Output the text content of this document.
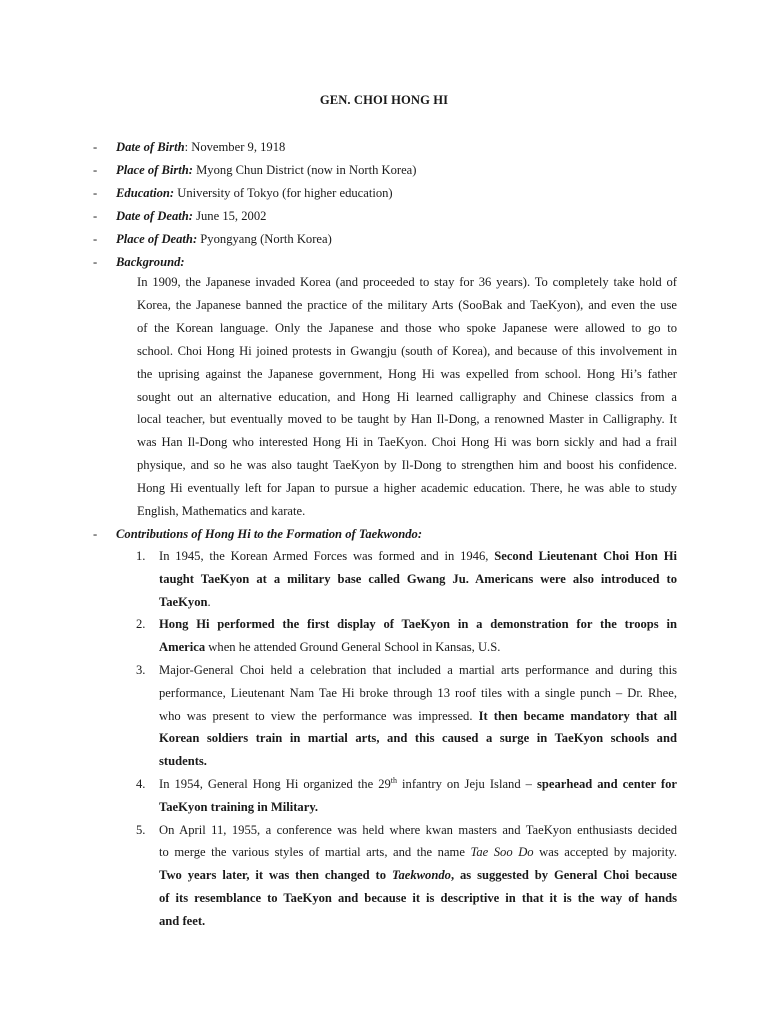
GEN. CHOI HONG HI
- Date of Birth: November 9, 1918
- Place of Birth: Myong Chun District (now in North Korea)
- Education: University of Tokyo (for higher education)
- Date of Death: June 15, 2002
- Place of Death: Pyongyang (North Korea)
- Background:
In 1909, the Japanese invaded Korea (and proceeded to stay for 36 years). To completely take hold of
Korea, the Japanese banned the practice of the military Arts (SooBak and TaeKyon), and even the use
of the Korean language. Only the Japanese and those who spoke Japanese were allowed to go to
school. Choi Hong Hi joined protests in Gwangju (south of Korea), and because of this involvement in
the uprising against the Japanese government, Hong Hi was expelled from school. Hong Hi’s father
sought out an alternative education, and Hong Hi learned calligraphy and Chinese classics from a
local teacher, but eventually moved to be taught by Han Il-Dong, a renowned Master in Calligraphy. It
was Han Il-Dong who interested Hong Hi in TaeKyon. Choi Hong Hi was born sickly and had a frail
physique, and so he was also taught TaeKyon by Il-Dong to strengthen him and boost his confidence.
Hong Hi eventually left for Japan to pursue a higher academic education. There, he was able to study
English, Mathematics and karate.
- Contributions of Hong Hi to the Formation of Taekwondo:
1. In 1945, the Korean Armed Forces was formed and in 1946, Second Lieutenant Choi Hon Hi
taught TaeKyon at a military base called Gwang Ju. Americans were also introduced to
TaeKyon.
2. Hong Hi performed the first display of TaeKyon in a demonstration for the troops in
America when he attended Ground General School in Kansas, U.S.
3. Major-General Choi held a celebration that included a martial arts performance and during this
performance, Lieutenant Nam Tae Hi broke through 13 roof tiles with a single punch – Dr. Rhee,
who was present to view the performance was impressed. It then became mandatory that all
Korean soldiers train in martial arts, and this caused a surge in TaeKyon schools and
students.
4. In 1954, General Hong Hi organized the 29th infantry on Jeju Island – spearhead and center for
TaeKyon training in Military.
5. On April 11, 1955, a conference was held where kwan masters and TaeKyon enthusiasts decided
to merge the various styles of martial arts, and the name Tae Soo Do was accepted by majority.
Two years later, it was then changed to Taekwondo, as suggested by General Choi because
of its resemblance to TaeKyon and because it is descriptive in that it is the way of hands
and feet.
